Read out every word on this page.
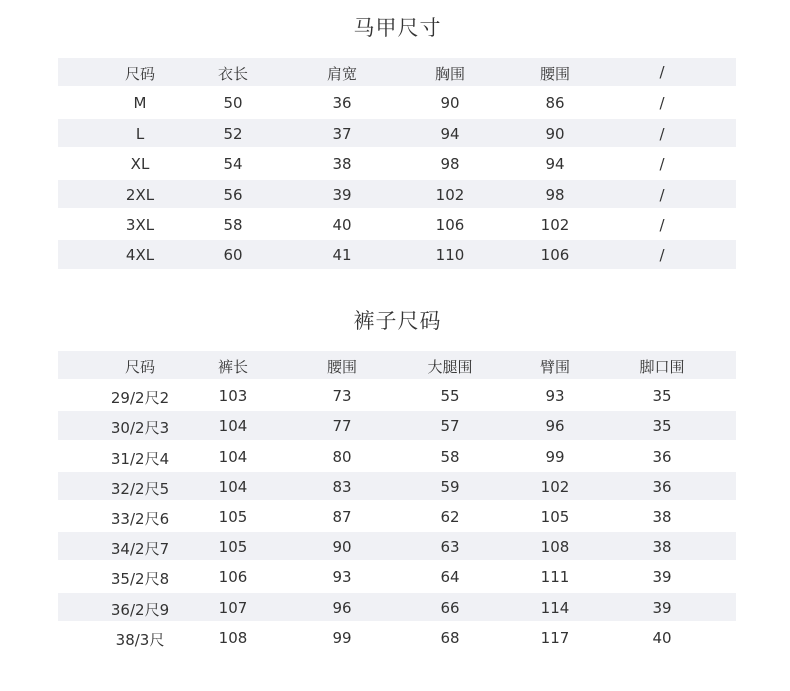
马甲尺寸
尺码	衣长	肩宽	胸围	腰围	/
M	50	36	90	86	/
L	52	37	94	90	/
XL	54	38	98	94	/
2XL	56	39	102	98	/
3XL	58	40	106	102	/
4XL	60	41	110	106	/
裤子尺码
尺码	裤长	腰围	大腿围	臂围	脚口围
29/2尺2	103	73	55	93	35
30/2尺3	104	77	57	96	35
31/2尺4	104	80	58	99	36
32/2尺5	104	83	59	102	36
33/2尺6	105	87	62	105	38
34/2尺7	105	90	63	108	38
35/2尺8	106	93	64	111	39
36/2尺9	107	96	66	114	39
38/3尺	108	99	68	117	40
